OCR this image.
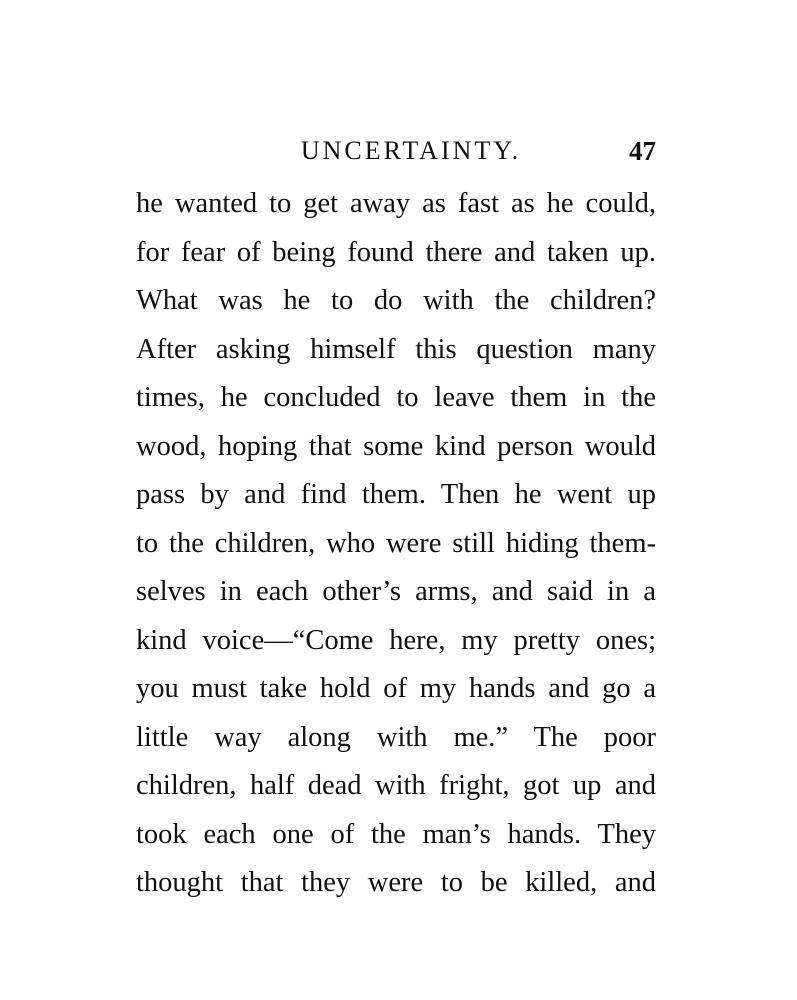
UNCERTAINTY.	47
he wanted to get away as fast as he could,
for fear of being found there and taken up.
What was he to do with the children?
After asking himself this question many
times, he concluded to leave them in the
wood, hoping that some kind person would
pass by and find them. Then he went up
to the children, who were still hiding them-
selves in each other’s arms, and said in a
kind voice—“Come here, my pretty ones;
you must take hold of my hands and go a
little way along with me.” The poor
children, half dead with fright, got up and
took each one of the man’s hands. They
thought that they were to be killed, and
